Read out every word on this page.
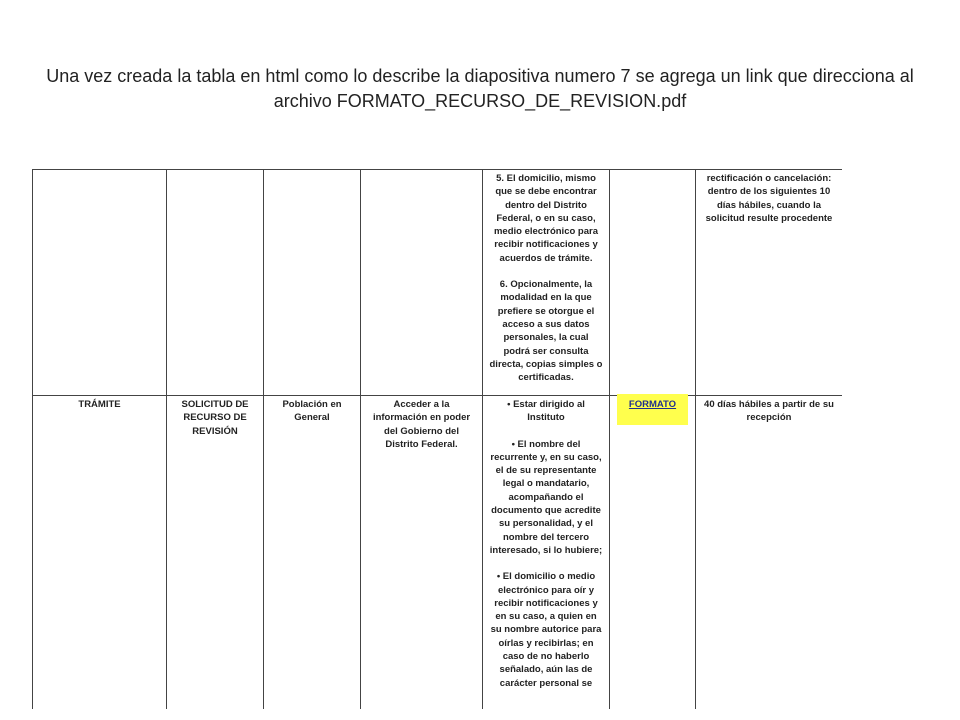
Una vez creada la tabla en html como lo describe la diapositiva numero 7 se agrega un link que direcciona al archivo FORMATO_RECURSO_DE_REVISION.pdf

				5. El domicilio, mismo que se debe encontrar dentro del Distrito Federal, o en su caso, medio electrónico para recibir notificaciones y acuerdos de trámite.

6. Opcionalmente, la modalidad en la que prefiere se otorgue el acceso a sus datos personales, la cual podrá ser consulta directa, copias simples o certificadas.		rectificación o cancelación: dentro de los siguientes 10 días hábiles, cuando la solicitud resulte procedente
TRÁMITE	SOLICITUD DE RECURSO DE REVISIÓN	Población en General	Acceder a la información en poder del Gobierno del Distrito Federal.	• Estar dirigido al Instituto

• El nombre del recurrente y, en su caso, el de su representante legal o mandatario, acompañando el documento que acredite su personalidad, y el nombre del tercero interesado, si lo hubiere;

• El domicilio o medio electrónico para oír y recibir notificaciones y en su caso, a quien en su nombre autorice para oírlas y recibirlas; en caso de no haberlo señalado, aún las de carácter personal se	FORMATO	40 días hábiles a partir de su recepción
